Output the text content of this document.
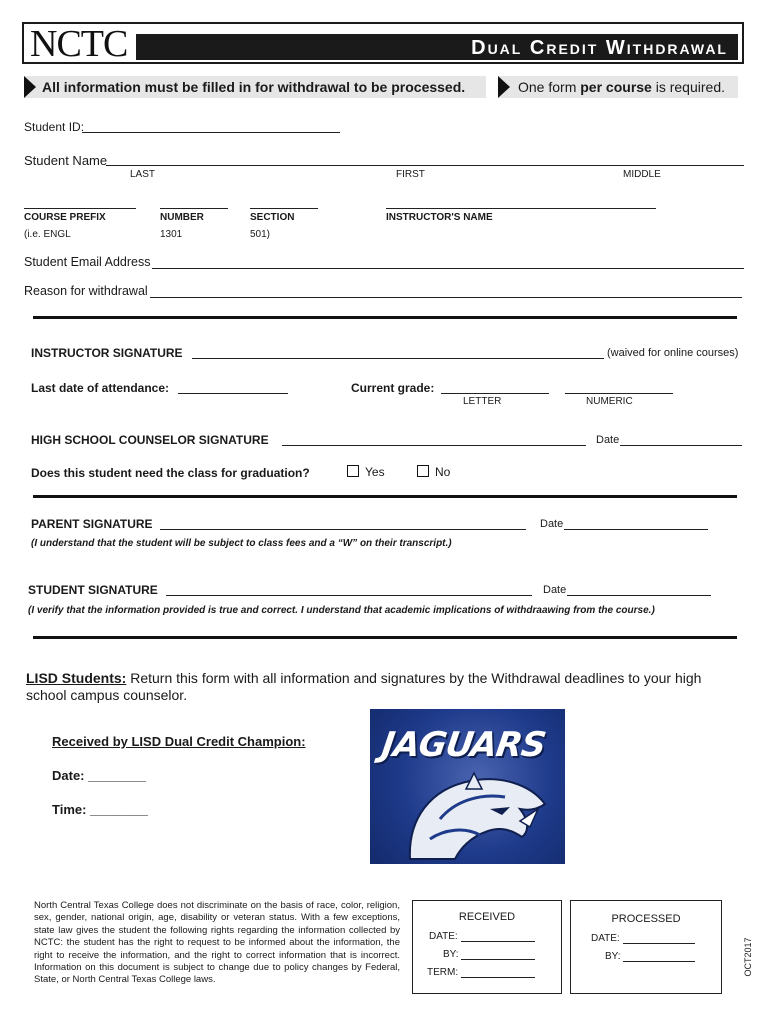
NCTC	Dual Credit Withdrawal
All information must be filled in for withdrawal to be processed.	One form per course is required.
Student ID:
Student Name
LAST	FIRST	MIDDLE
COURSE PREFIX	NUMBER	SECTION	INSTRUCTOR'S NAME
(i.e. ENGL	1301	501)
Student Email Address
Reason for withdrawal
INSTRUCTOR SIGNATURE	(waived for online courses)
Last date of attendance:	Current grade:
LETTER	NUMERIC
HIGH SCHOOL COUNSELOR SIGNATURE	Date
Does this student need the class for graduation?	Yes	No
PARENT SIGNATURE	Date
(I understand that the student will be subject to class fees and a “W” on their transcript.)
STUDENT SIGNATURE	Date
(I verify that the information provided is true and correct. I understand that academic implications of withdraawing from the course.)
LISD Students: Return this form with all information and signatures by the Withdrawal deadlines to your high school campus counselor.
Received by LISD Dual Credit Champion:
Date: ________
Time: ________
JAGUARS
North Central Texas College does not discriminate on the basis of race, color, religion, sex, gender, national origin, age, disability or veteran status. With a few exceptions, state law gives the student the following rights regarding the information collected by NCTC: the student has the right to request to be informed about the information, the right to receive the information, and the right to correct information that is incorrect. Information on this document is subject to change due to policy changes by Federal, State, or North Central Texas College laws.
RECEIVED
DATE:
BY:
TERM:
PROCESSED
DATE:
BY:	OCT2017
